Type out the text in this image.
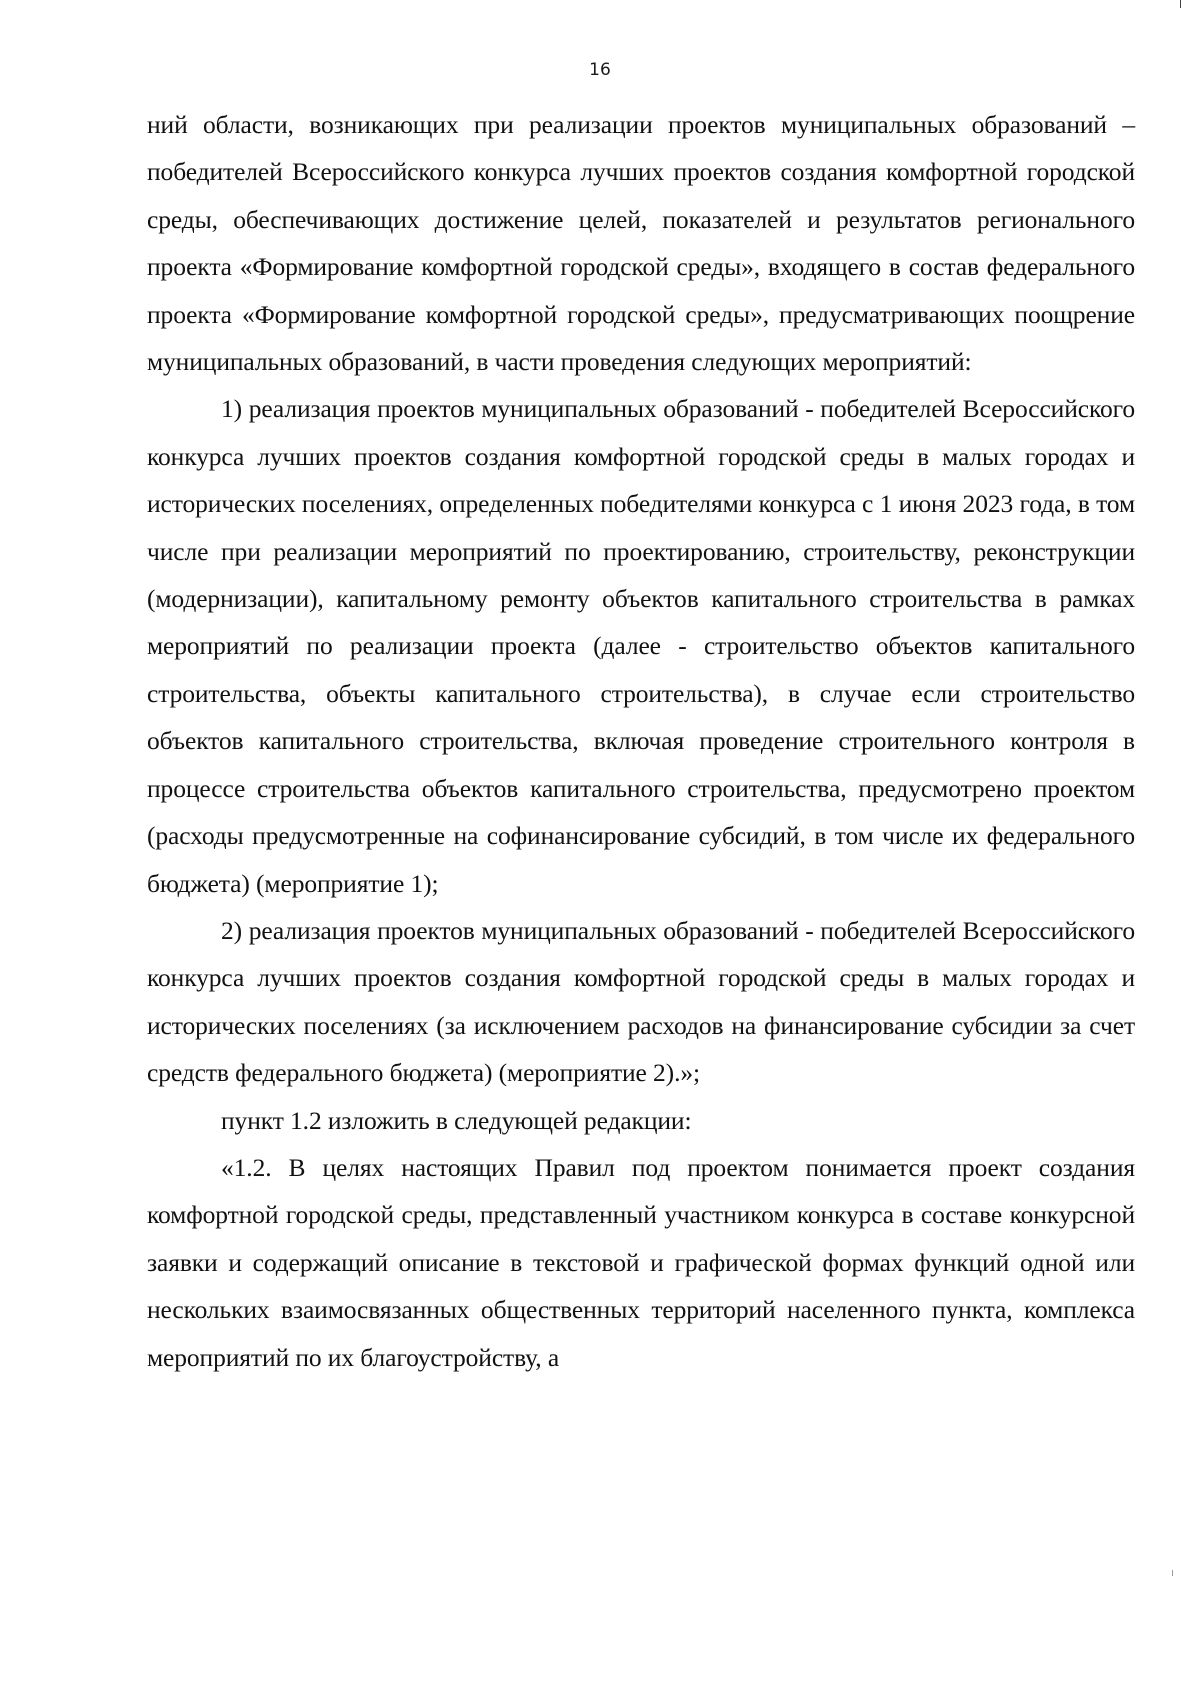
16

ний области, возникающих при реализации проектов муниципальных образований – победителей Всероссийского конкурса лучших проектов создания комфортной городской среды, обеспечивающих достижение целей, показателей и результатов регионального проекта «Формирование комфортной городской среды», входящего в состав федерального проекта «Формирование комфортной городской среды», предусматривающих поощрение муниципальных образований, в части проведения следующих мероприятий:

1) реализация проектов муниципальных образований - победителей Всероссийского конкурса лучших проектов создания комфортной городской среды в малых городах и исторических поселениях, определенных победителями конкурса с 1 июня 2023 года, в том числе при реализации мероприятий по проектированию, строительству, реконструкции (модернизации), капитальному ремонту объектов капитального строительства в рамках мероприятий по реализации проекта (далее - строительство объектов капитального строительства, объекты капитального строительства), в случае если строительство объектов капитального строительства, включая проведение строительного контроля в процессе строительства объектов капитального строительства, предусмотрено проектом (расходы предусмотренные на софинансирование субсидий, в том числе их федерального бюджета) (мероприятие 1);

2) реализация проектов муниципальных образований - победителей Всероссийского конкурса лучших проектов создания комфортной городской среды в малых городах и исторических поселениях (за исключением расходов на финансирование субсидии за счет средств федерального бюджета) (мероприятие 2).»;

пункт 1.2 изложить в следующей редакции:

«1.2. В целях настоящих Правил под проектом понимается проект создания комфортной городской среды, представленный участником конкурса в составе конкурсной заявки и содержащий описание в текстовой и графической формах функций одной или нескольких взаимосвязанных общественных территорий населенного пункта, комплекса мероприятий по их благоустройству, а
